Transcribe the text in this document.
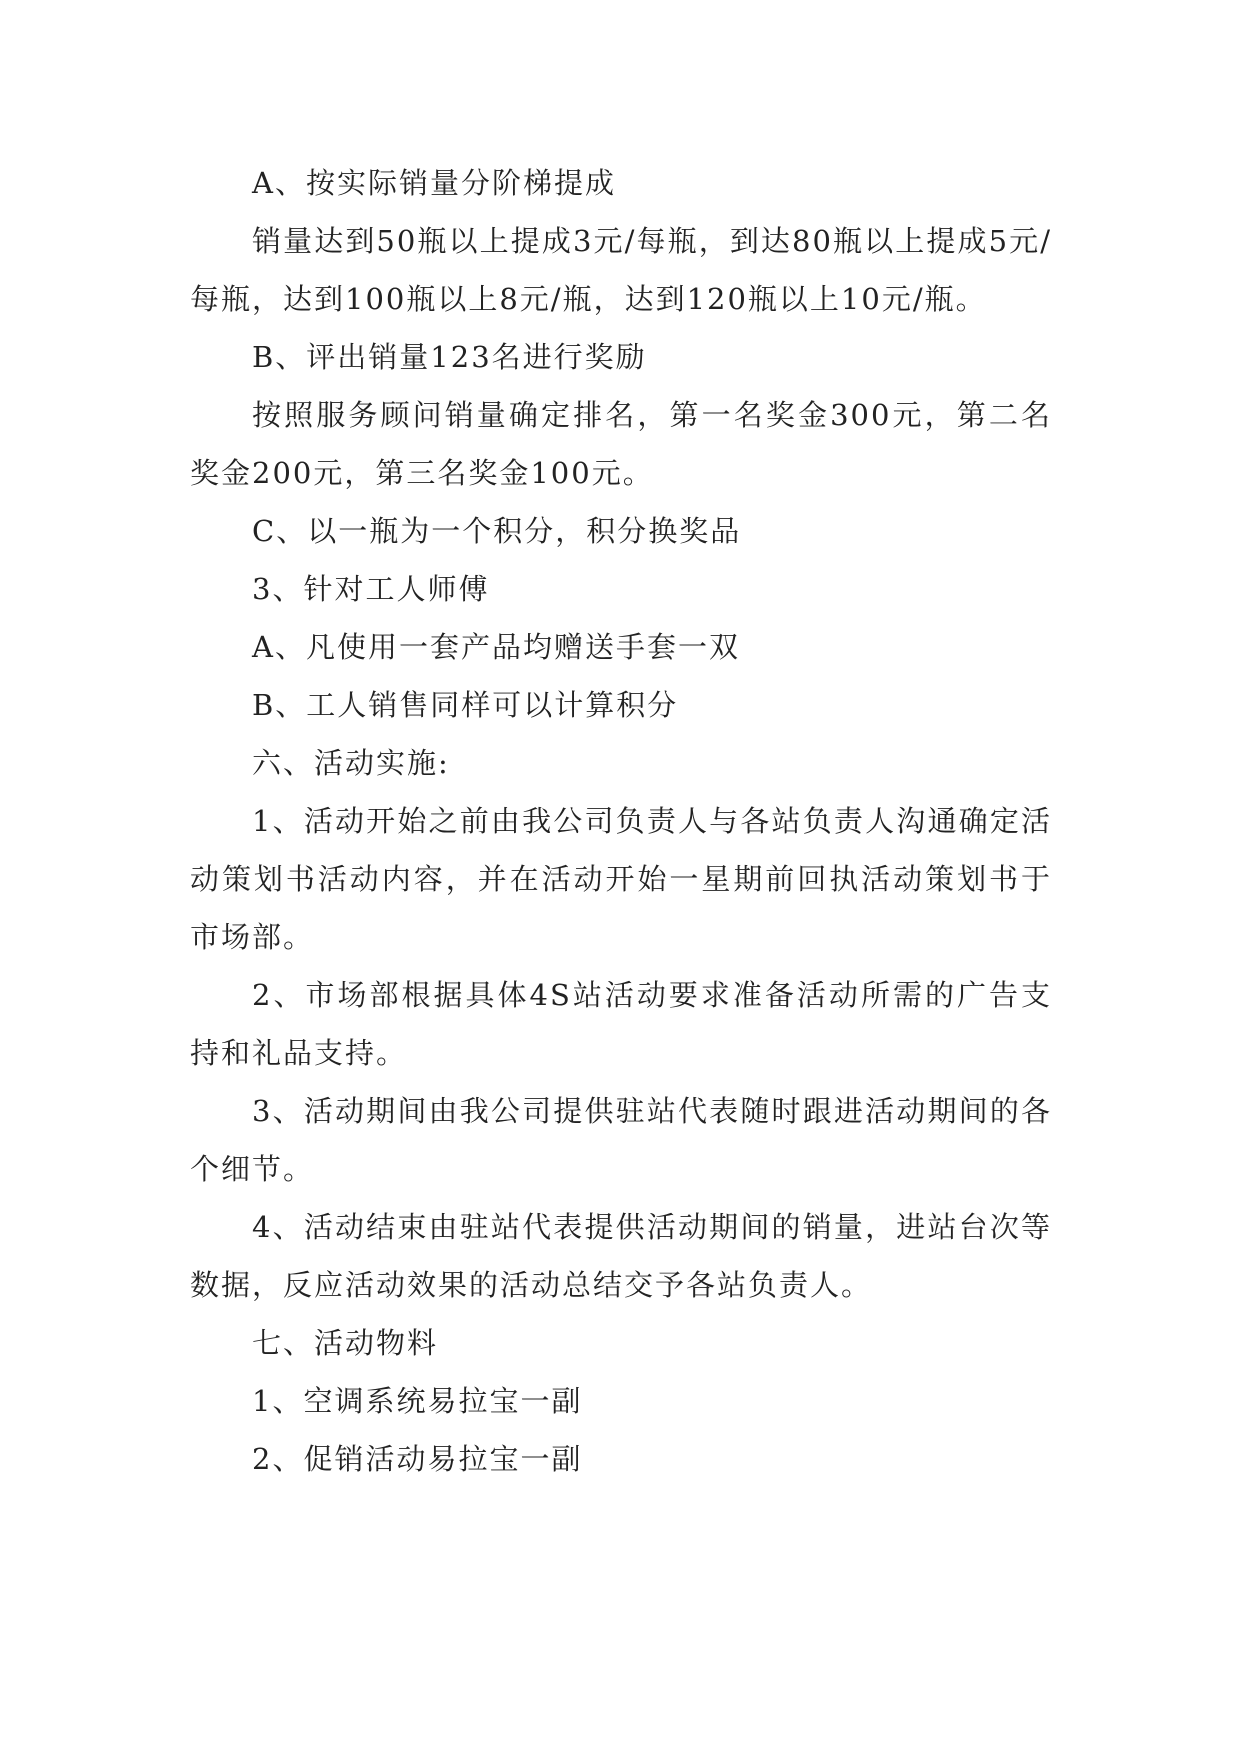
A、按实际销量分阶梯提成

销量达到50瓶以上提成3元/每瓶，到达80瓶以上提成5元/每瓶，达到100瓶以上8元/瓶，达到120瓶以上10元/瓶。

B、评出销量123名进行奖励

按照服务顾问销量确定排名，第一名奖金300元，第二名奖金200元，第三名奖金100元。

C、以一瓶为一个积分，积分换奖品

3、针对工人师傅

A、凡使用一套产品均赠送手套一双

B、工人销售同样可以计算积分

六、活动实施:

1、活动开始之前由我公司负责人与各站负责人沟通确定活动策划书活动内容，并在活动开始一星期前回执活动策划书于市场部。

2、市场部根据具体4S站活动要求准备活动所需的广告支持和礼品支持。

3、活动期间由我公司提供驻站代表随时跟进活动期间的各个细节。

4、活动结束由驻站代表提供活动期间的销量，进站台次等数据，反应活动效果的活动总结交予各站负责人。

七、活动物料

1、空调系统易拉宝一副

2、促销活动易拉宝一副
